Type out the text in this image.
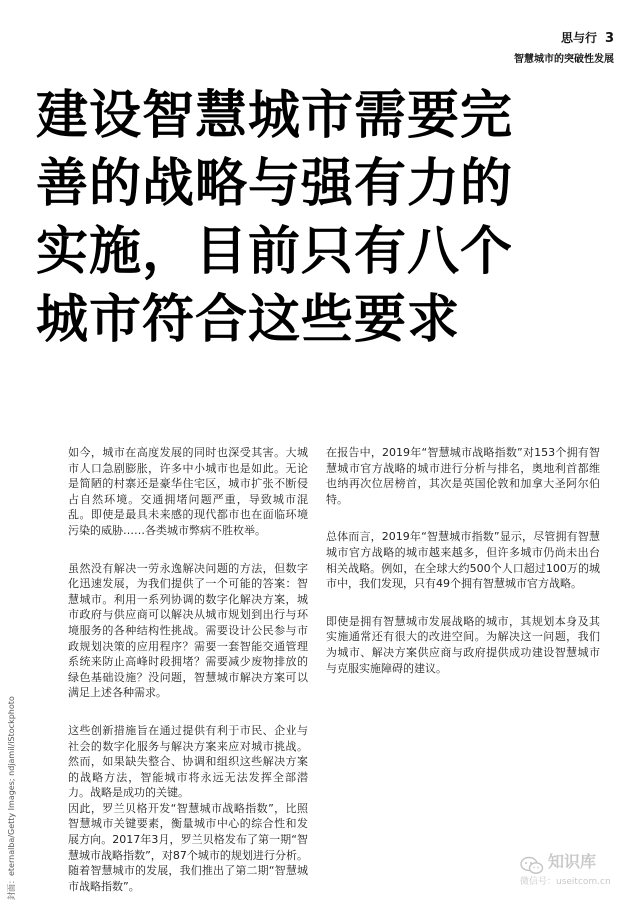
思与行 3
智慧城市的突破性发展
建设智慧城市需要完
善的战略与强有力的
实施，目前只有八个
城市符合这些要求

如今，城市在高度发展的同时也深受其害。大城市人口急剧膨胀，许多中小城市也是如此。无论是简陋的村寨还是豪华住宅区，城市扩张不断侵占自然环境。交通拥堵问题严重，导致城市混乱。即使是最具未来感的现代都市也在面临环境污染的威胁……各类城市弊病不胜枚举。

虽然没有解决一劳永逸解决问题的方法，但数字化迅速发展，为我们提供了一个可能的答案：智慧城市。利用一系列协调的数字化解决方案，城市政府与供应商可以解决从城市规划到出行与环境服务的各种结构性挑战。需要设计公民参与市政规划决策的应用程序？需要一套智能交通管理系统来防止高峰时段拥堵？需要减少废物排放的绿色基础设施？没问题，智慧城市解决方案可以满足上述各种需求。

这些创新措施旨在通过提供有利于市民、企业与社会的数字化服务与解决方案来应对城市挑战。然而，如果缺失整合、协调和组织这些解决方案的战略方法，智能城市将永远无法发挥全部潜力。战略是成功的关键。

因此，罗兰贝格开发“智慧城市战略指数”，比照智慧城市关键要素，衡量城市中心的综合性和发展方向。2017年3月，罗兰贝格发布了第一期“智慧城市战略指数”，对87个城市的规划进行分析。随着智慧城市的发展，我们推出了第二期“智慧城市战略指数”。

在报告中，2019年“智慧城市战略指数”对153个拥有智慧城市官方战略的城市进行分析与排名，奥地利首都维也纳再次位居榜首，其次是英国伦敦和加拿大圣阿尔伯特。

总体而言，2019年“智慧城市指数”显示，尽管拥有智慧城市官方战略的城市越来越多，但许多城市仍尚未出台相关战略。例如，在全球大约500个人口超过100万的城市中，我们发现，只有49个拥有智慧城市官方战略。

即使是拥有智慧城市发展战略的城市，其规划本身及其实施通常还有很大的改进空间。为解决这一问题，我们为城市、解决方案供应商与政府提供成功建设智慧城市与克服实施障碍的建议。

封面：eternalba/Getty Images; ndjamil/iStockphoto	知识库
微信号：useitcom.cn
